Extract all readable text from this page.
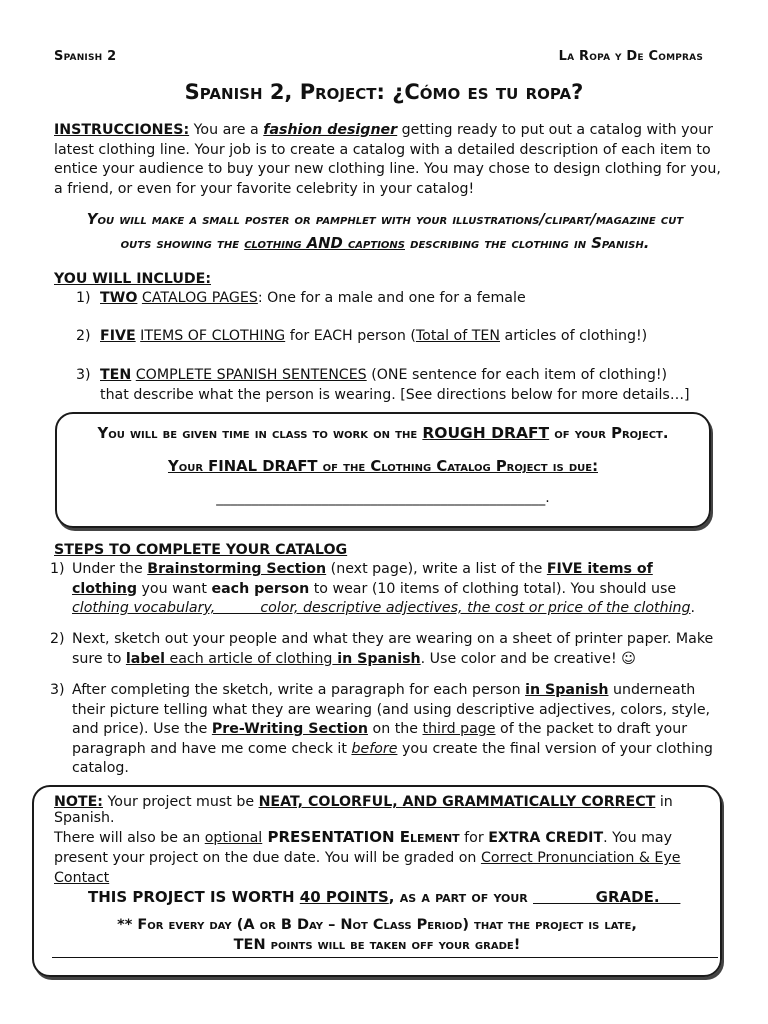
Spanish 2	La Ropa y De Compras
Spanish 2, Project: ¿Cómo es tu ropa?
INSTRUCCIONES: You are a fashion designer getting ready to put out a catalog with your latest clothing line. Your job is to create a catalog with a detailed description of each item to entice your audience to buy your new clothing line. You may chose to design clothing for you, a friend, or even for your favorite celebrity in your catalog!
You will make a small poster or pamphlet with your illustrations/clipart/magazine cut
outs showing the clothing AND captions describing the clothing in Spanish.
YOU WILL INCLUDE:
1) TWO CATALOG PAGES: One for a male and one for a female
2) FIVE ITEMS OF CLOTHING for EACH person (Total of TEN articles of clothing!)
3) TEN COMPLETE SPANISH SENTENCES (ONE sentence for each item of clothing!) that describe what the person is wearing. [See directions below for more details…]
You will be given time in class to work on the ROUGH DRAFT of your Project.
Your FINAL DRAFT of the Clothing Catalog Project is due:
_______________________________________________.
STEPS TO COMPLETE YOUR CATALOG
1) Under the Brainstorming Section (next page), write a list of the FIVE items of clothing you want each person to wear (10 items of clothing total). You should use clothing vocabulary,          color, descriptive adjectives, the cost or price of the clothing.
2) Next, sketch out your people and what they are wearing on a sheet of printer paper. Make sure to label each article of clothing in Spanish. Use color and be creative! ☺
3) After completing the sketch, write a paragraph for each person in Spanish underneath their picture telling what they are wearing (and using descriptive adjectives, colors, style, and price). Use the Pre-Writing Section on the third page of the packet to draft your paragraph and have me come check it before you create the final version of your clothing catalog.
NOTE: Your project must be NEAT, COLORFUL, AND GRAMMATICALLY CORRECT in Spanish.
There will also be an optional PRESENTATION Element for EXTRA CREDIT. You may present your project on the due date. You will be graded on Correct Pronunciation & Eye Contact
THIS PROJECT IS WORTH 40 POINTS, as a part of your             GRADE.
** For every day (A or B Day – Not Class Period) that the project is late,
TEN points will be taken off your grade!
